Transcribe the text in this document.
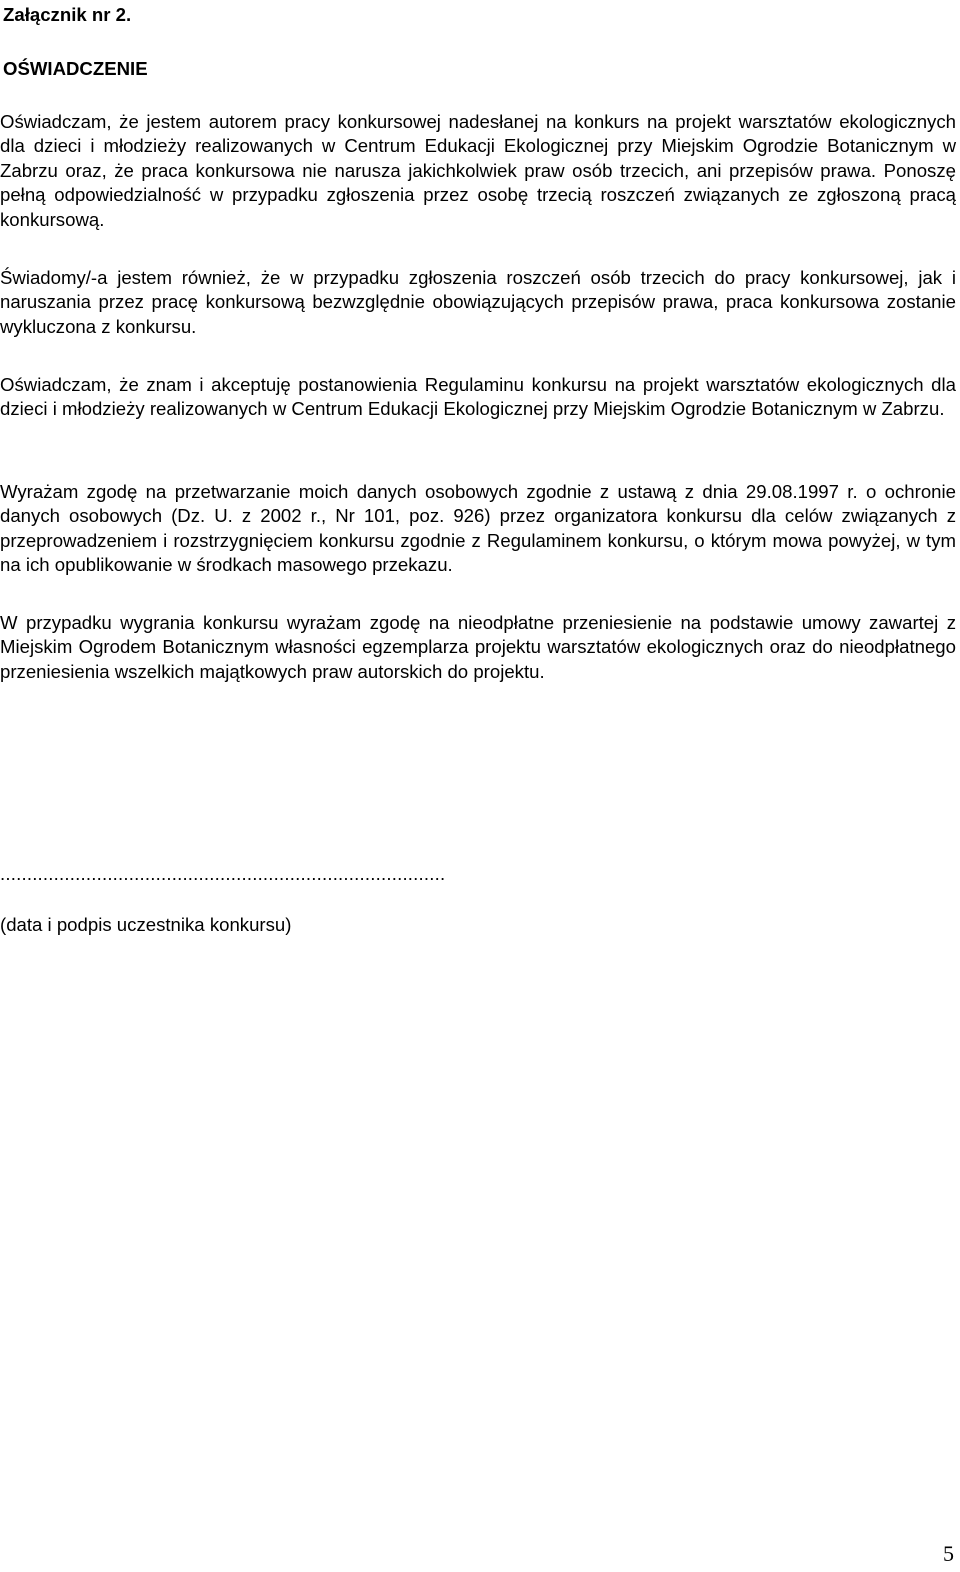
Załącznik nr 2.
OŚWIADCZENIE

Oświadczam, że jestem autorem pracy konkursowej nadesłanej na konkurs na projekt warsztatów ekologicznych dla dzieci i młodzieży realizowanych w Centrum Edukacji Ekologicznej przy Miejskim Ogrodzie Botanicznym w Zabrzu oraz, że praca konkursowa nie narusza jakichkolwiek praw osób trzecich, ani przepisów prawa. Ponoszę pełną odpowiedzialność w przypadku zgłoszenia przez osobę trzecią roszczeń związanych ze zgłoszoną pracą konkursową.

Świadomy/-a jestem również, że w przypadku zgłoszenia roszczeń osób trzecich do pracy konkursowej, jak i naruszania przez pracę konkursową bezwzględnie obowiązujących przepisów prawa, praca konkursowa zostanie wykluczona z konkursu.

Oświadczam, że znam i akceptuję postanowienia Regulaminu konkursu na projekt warsztatów ekologicznych dla dzieci i młodzieży realizowanych w Centrum Edukacji Ekologicznej przy Miejskim Ogrodzie Botanicznym w Zabrzu.

Wyrażam zgodę na przetwarzanie moich danych osobowych zgodnie z ustawą z dnia 29.08.1997 r. o ochronie danych osobowych (Dz. U. z 2002 r., Nr 101, poz. 926) przez organizatora konkursu dla celów związanych z przeprowadzeniem i rozstrzygnięciem konkursu zgodnie z Regulaminem konkursu, o którym mowa powyżej, w tym na ich opublikowanie w środkach masowego przekazu.

W przypadku wygrania konkursu wyrażam zgodę na nieodpłatne przeniesienie na podstawie umowy zawartej z Miejskim Ogrodem Botanicznym własności egzemplarza projektu warsztatów ekologicznych oraz do nieodpłatnego przeniesienia wszelkich majątkowych praw autorskich do projektu.

...................................................................................
(data i podpis uczestnika konkursu)
5
